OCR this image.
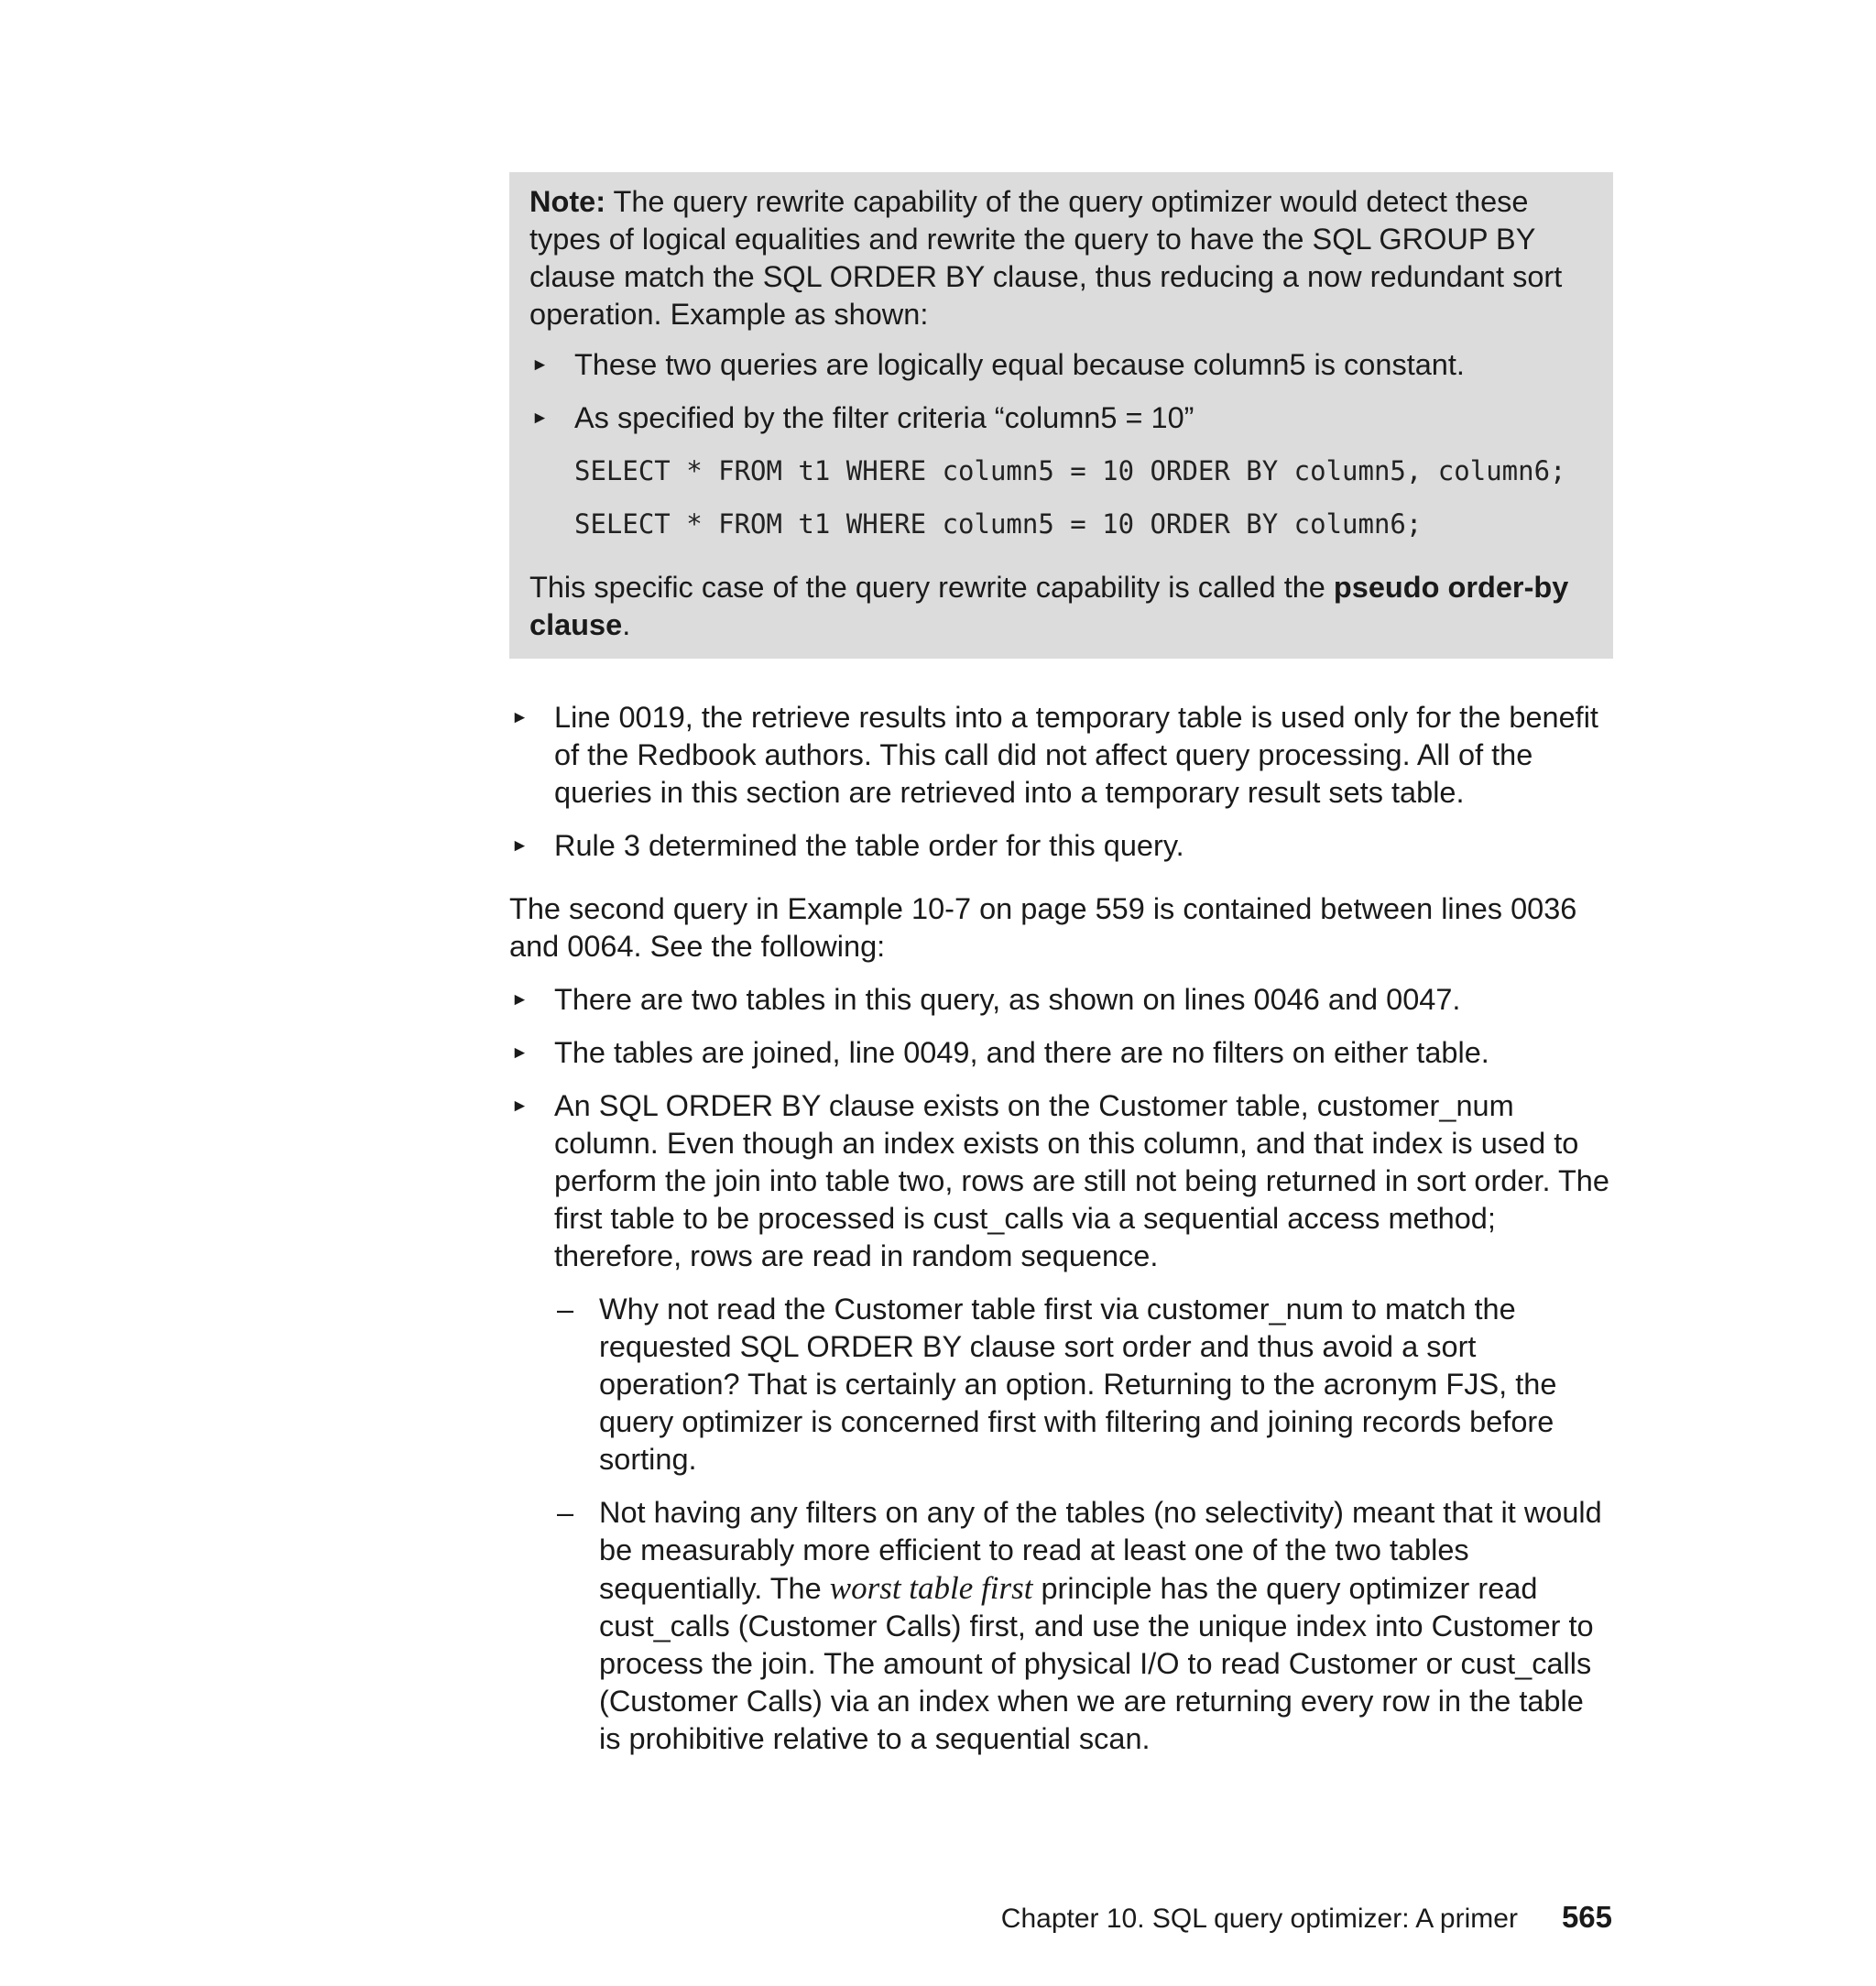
Note: The query rewrite capability of the query optimizer would detect these types of logical equalities and rewrite the query to have the SQL GROUP BY clause match the SQL ORDER BY clause, thus reducing a now redundant sort operation. Example as shown:

► These two queries are logically equal because column5 is constant.
► As specified by the filter criteria “column5 = 10”
SELECT * FROM t1 WHERE column5 = 10 ORDER BY column5, column6;
SELECT * FROM t1 WHERE column5 = 10 ORDER BY column6;

This specific case of the query rewrite capability is called the pseudo order-by clause.

► Line 0019, the retrieve results into a temporary table is used only for the benefit of the Redbook authors. This call did not affect query processing. All of the queries in this section are retrieved into a temporary result sets table.
► Rule 3 determined the table order for this query.

The second query in Example 10-7 on page 559 is contained between lines 0036 and 0064. See the following:

► There are two tables in this query, as shown on lines 0046 and 0047.
► The tables are joined, line 0049, and there are no filters on either table.
► An SQL ORDER BY clause exists on the Customer table, customer_num column. Even though an index exists on this column, and that index is used to perform the join into table two, rows are still not being returned in sort order. The first table to be processed is cust_calls via a sequential access method; therefore, rows are read in random sequence.
– Why not read the Customer table first via customer_num to match the requested SQL ORDER BY clause sort order and thus avoid a sort operation? That is certainly an option. Returning to the acronym FJS, the query optimizer is concerned first with filtering and joining records before sorting.
– Not having any filters on any of the tables (no selectivity) meant that it would be measurably more efficient to read at least one of the two tables sequentially. The worst table first principle has the query optimizer read cust_calls (Customer Calls) first, and use the unique index into Customer to process the join. The amount of physical I/O to read Customer or cust_calls (Customer Calls) via an index when we are returning every row in the table is prohibitive relative to a sequential scan.
Chapter 10. SQL query optimizer: A primer 565
